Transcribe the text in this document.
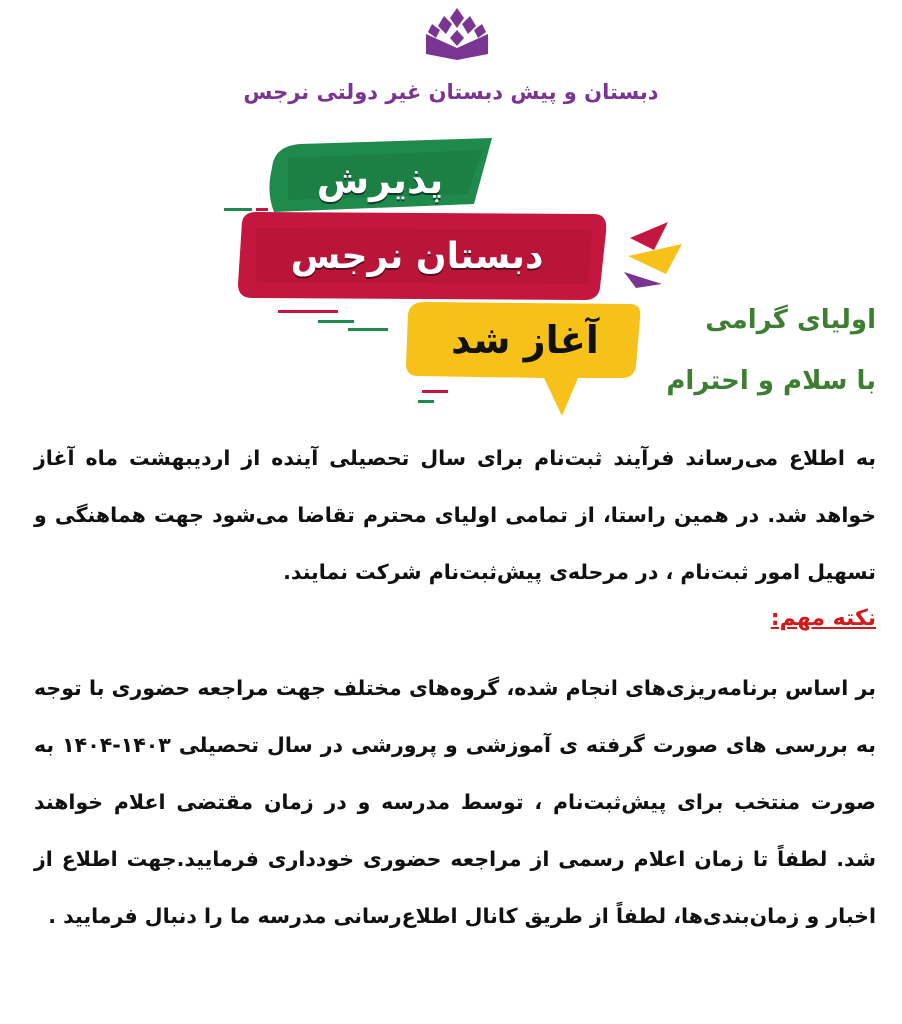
دبستان و پیش دبستان غیر دولتی نرجس
پذیرش
دبستان نرجس
آغاز شد	اولیای گرامی
با سلام و احترام

به اطلاع می‌رساند فرآیند ثبت‌نام برای سال تحصیلی آینده از اردیبهشت ماه آغاز خواهد شد. در همین راستا، از تمامی اولیای محترم تقاضا می‌شود جهت هماهنگی و تسهیل امور ثبت‌نام ، در مرحله‌ی پیش‌ثبت‌نام شرکت نمایند.

نکته مهم:

بر اساس برنامه‌ریزی‌های انجام شده، گروه‌های مختلف جهت مراجعه حضوری با توجه به بررسی های صورت گرفته ی آموزشی و پرورشی در سال تحصیلی ۱۴۰۳-۱۴۰۴ به صورت منتخب برای پیش‌ثبت‌نام ، توسط مدرسه و در زمان مقتضی اعلام خواهند شد. لطفاً تا زمان اعلام رسمی از مراجعه حضوری خودداری فرمایید.جهت اطلاع از اخبار و زمان‌بندی‌ها، لطفاً از طریق کانال اطلاع‌رسانی مدرسه ما را دنبال فرمایید .
